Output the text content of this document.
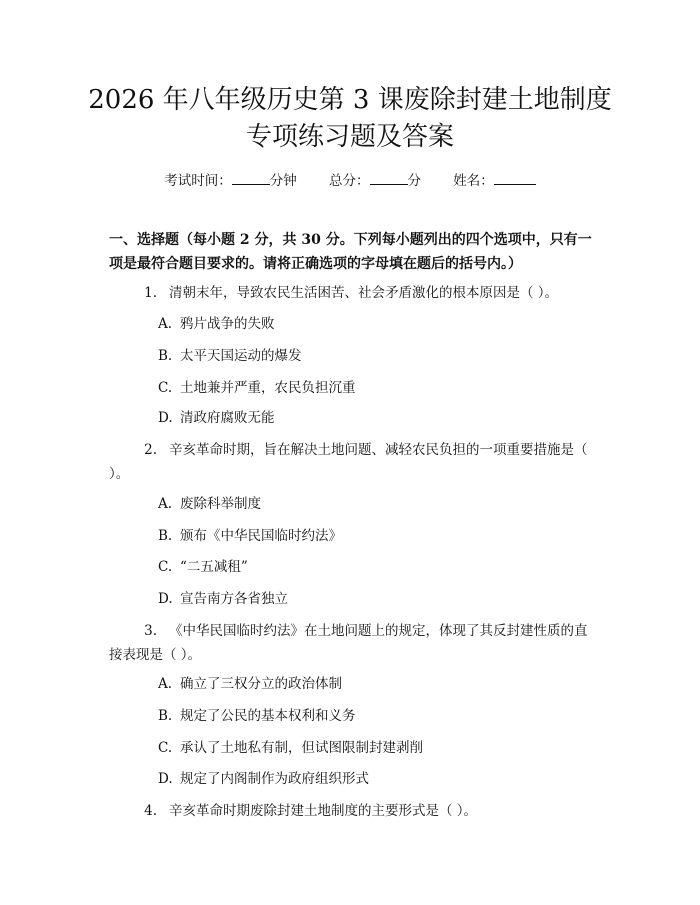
2026 年八年级历史第 3 课废除封建土地制度
专项练习题及答案
考试时间：	分钟 总分：	分 姓名：
一、选择题（每小题 2 分，共 30 分。下列每小题列出的四个选项中，只有一项是最符合题目要求的。请将正确选项的字母填在题后的括号内。）
1. 清朝末年，导致农民生活困苦、社会矛盾激化的根本原因是（ ）。
A. 鸦片战争的失败
B. 太平天国运动的爆发
C. 土地兼并严重，农民负担沉重
D. 清政府腐败无能
2. 辛亥革命时期，旨在解决土地问题、减轻农民负担的一项重要措施是（ ）。
A. 废除科举制度
B. 颁布《中华民国临时约法》
C. “二五减租”
D. 宣告南方各省独立
3. 《中华民国临时约法》在土地问题上的规定，体现了其反封建性质的直接表现是（ ）。
A. 确立了三权分立的政治体制
B. 规定了公民的基本权利和义务
C. 承认了土地私有制，但试图限制封建剥削
D. 规定了内阁制作为政府组织形式
4. 辛亥革命时期废除封建土地制度的主要形式是（ ）。
